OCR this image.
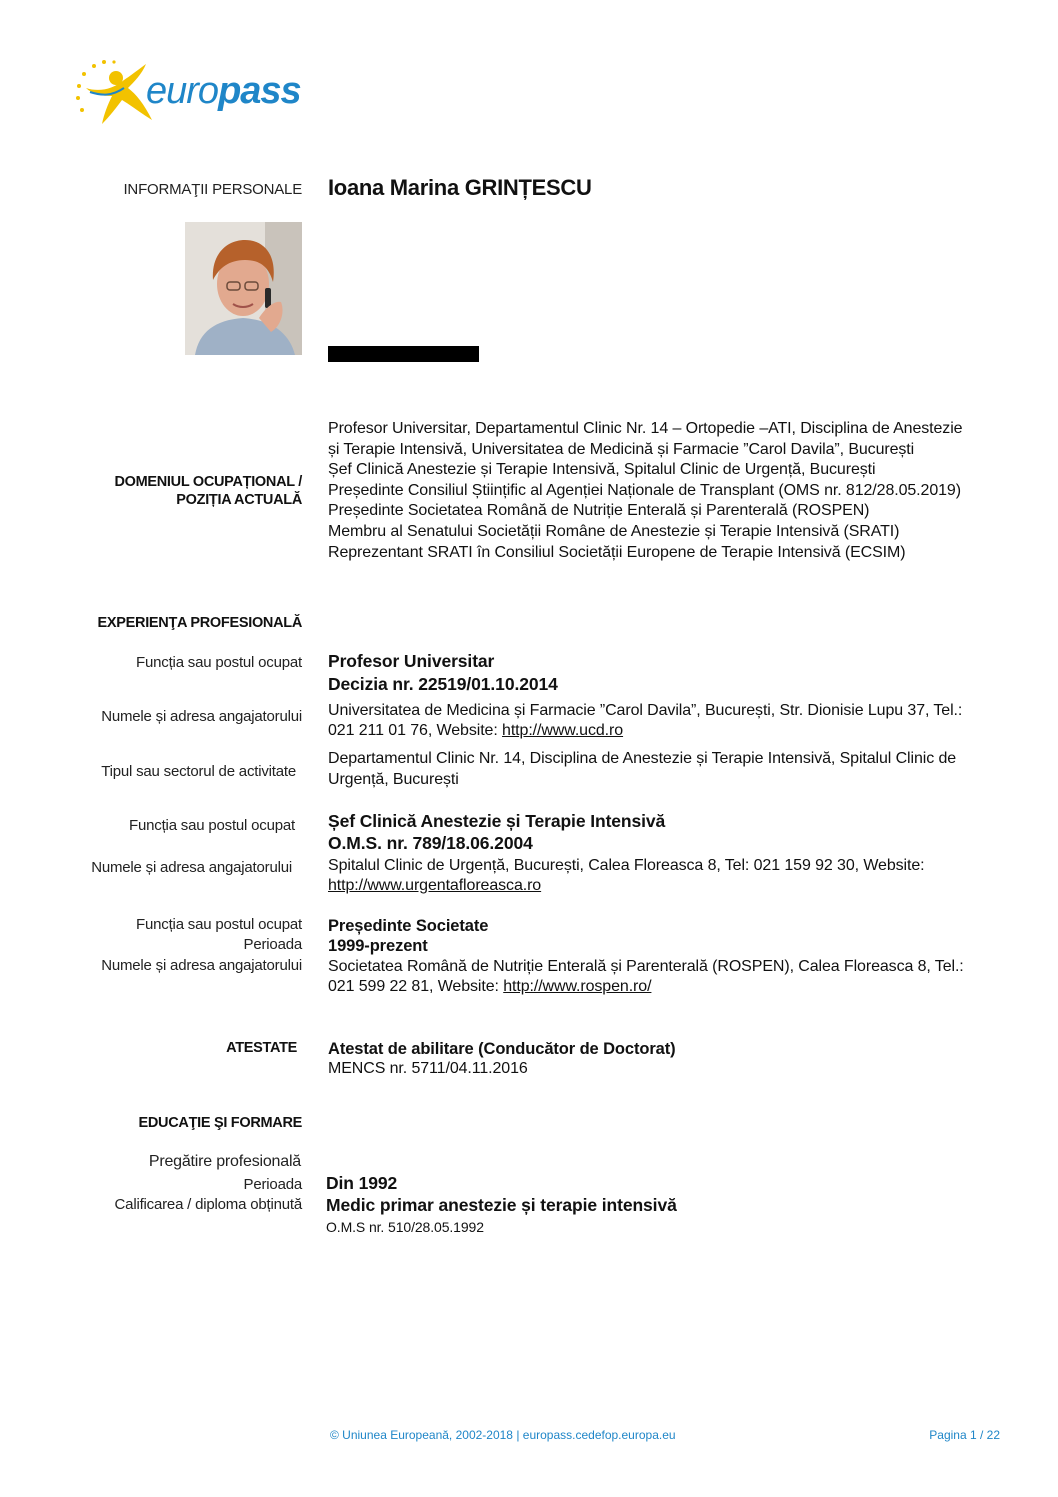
europass
INFORMAŢII PERSONALE Ioana Marina GRINȚESCU
DOMENIUL OCUPAȚIONAL /
POZIȚIA ACTUALĂ
Profesor Universitar, Departamentul Clinic Nr. 14 – Ortopedie –ATI, Disciplina de Anestezie
și Terapie Intensivă, Universitatea de Medicină și Farmacie ”Carol Davila”, București
Șef Clinică Anestezie și Terapie Intensivă, Spitalul Clinic de Urgență, București
Președinte Consiliul Științific al Agenției Naționale de Transplant (OMS nr. 812/28.05.2019)
Președinte Societatea Română de Nutriție Enterală și Parenterală (ROSPEN)
Membru al Senatului Societății Române de Anestezie și Terapie Intensivă (SRATI)
Reprezentant SRATI în Consiliul Societății Europene de Terapie Intensivă (ECSIM)
EXPERIENŢA PROFESIONALĂ
Funcția sau postul ocupat Profesor Universitar
Decizia nr. 22519/01.10.2014
Numele și adresa angajatorului Universitatea de Medicina și Farmacie ”Carol Davila”, București, Str. Dionisie Lupu 37, Tel.:
021 211 01 76, Website: http://www.ucd.ro
Tipul sau sectorul de activitate
Departamentul Clinic Nr. 14, Disciplina de Anestezie și Terapie Intensivă, Spitalul Clinic de
Urgență, București
Funcția sau postul ocupat Șef Clinică Anestezie și Terapie Intensivă
O.M.S. nr. 789/18.06.2004
Numele și adresa angajatorului Spitalul Clinic de Urgență, București, Calea Floreasca 8, Tel: 021 159 92 30, Website:
http://www.urgentafloreasca.ro
Funcția sau postul ocupat
Perioada
Numele și adresa angajatorului
Președinte Societate
1999-prezent
Societatea Română de Nutriție Enterală și Parenterală (ROSPEN), Calea Floreasca 8, Tel.:
021 599 22 81, Website: http://www.rospen.ro/
ATESTATE Atestat de abilitare (Conducător de Doctorat)
MENCS nr. 5711/04.11.2016
EDUCAŢIE ŞI FORMARE
Pregătire profesională
Perioada
Calificarea / diploma obținută
Din 1992
Medic primar anestezie și terapie intensivă
O.M.S nr. 510/28.05.1992
© Uniunea Europeană, 2002-2018 | europass.cedefop.europa.eu	Pagina 1 / 22
